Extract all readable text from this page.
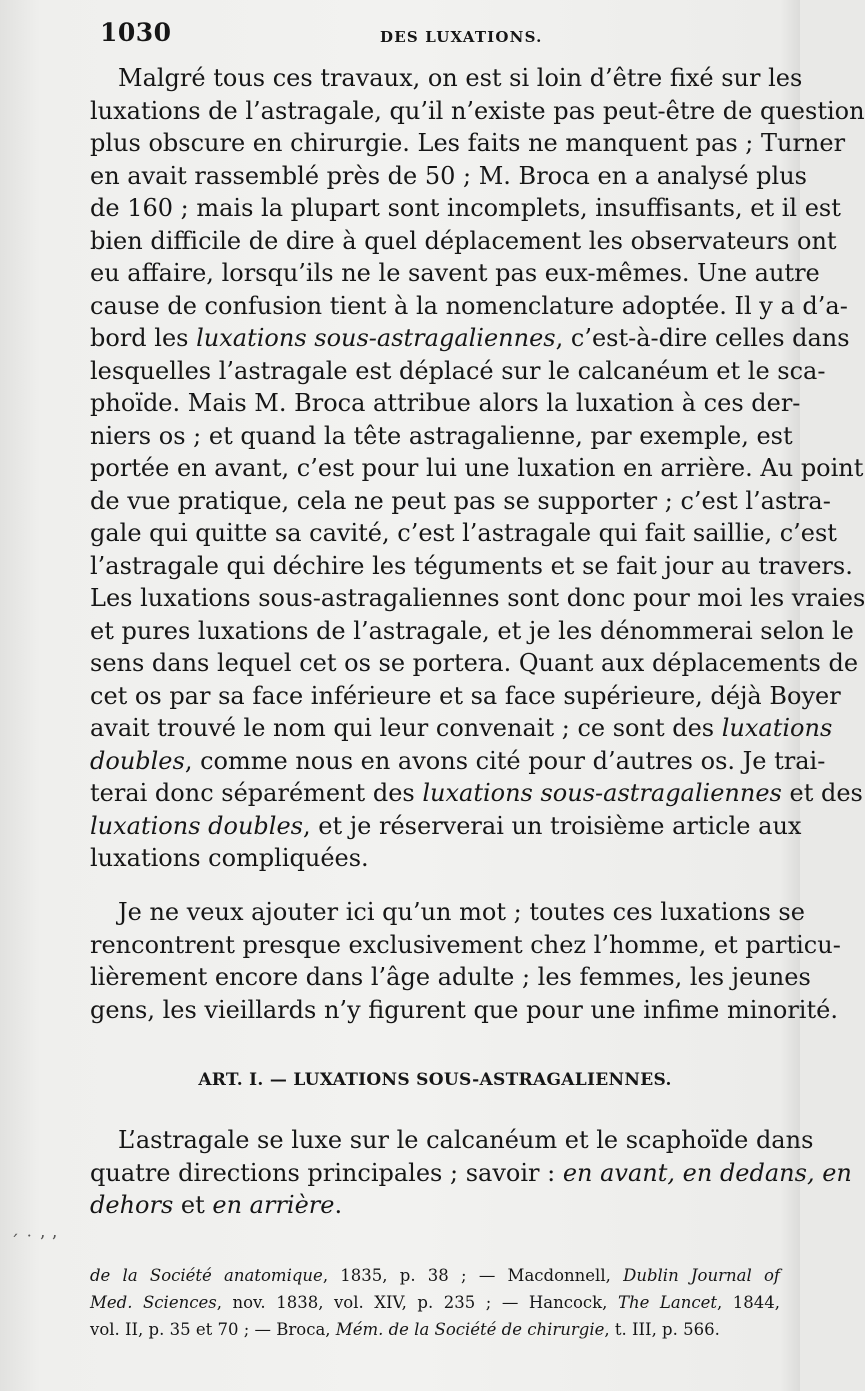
1030	DES LUXATIONS.
Malgré tous ces travaux, on est si loin d’être fixé sur les
luxations de l’astragale, qu’il n’existe pas peut-être de question
plus obscure en chirurgie. Les faits ne manquent pas ; Turner
en avait rassemblé près de 50 ; M. Broca en a analysé plus
de 160 ; mais la plupart sont incomplets, insuffisants, et il est
bien difficile de dire à quel déplacement les observateurs ont
eu affaire, lorsqu’ils ne le savent pas eux-mêmes. Une autre
cause de confusion tient à la nomenclature adoptée. Il y a d’a-
bord les luxations sous-astragaliennes, c’est-à-dire celles dans
lesquelles l’astragale est déplacé sur le calcanéum et le sca-
phoïde. Mais M. Broca attribue alors la luxation à ces der-
niers os ; et quand la tête astragalienne, par exemple, est
portée en avant, c’est pour lui une luxation en arrière. Au point
de vue pratique, cela ne peut pas se supporter ; c’est l’astra-
gale qui quitte sa cavité, c’est l’astragale qui fait saillie, c’est
l’astragale qui déchire les téguments et se fait jour au travers.
Les luxations sous-astragaliennes sont donc pour moi les vraies
et pures luxations de l’astragale, et je les dénommerai selon le
sens dans lequel cet os se portera. Quant aux déplacements de
cet os par sa face inférieure et sa face supérieure, déjà Boyer
avait trouvé le nom qui leur convenait ; ce sont des luxations
doubles, comme nous en avons cité pour d’autres os. Je trai-
terai donc séparément des luxations sous-astragaliennes et des
luxations doubles, et je réserverai un troisième article aux
luxations compliquées.
Je ne veux ajouter ici qu’un mot ; toutes ces luxations se
rencontrent presque exclusivement chez l’homme, et particu-
lièrement encore dans l’âge adulte ; les femmes, les jeunes
gens, les vieillards n’y figurent que pour une infime minorité.
ART. I. — LUXATIONS SOUS-ASTRAGALIENNES.
L’astragale se luxe sur le calcanéum et le scaphoïde dans
quatre directions principales ; savoir : en avant, en dedans, en
dehors et en arrière.
de la Société anatomique, 1835, p. 38 ; — Macdonnell, Dublin Journal of
Med. Sciences, nov. 1838, vol. XIV, p. 235 ; — Hancock, The Lancet, 1844,
vol. II, p. 35 et 70 ; — Broca, Mém. de la Société de chirurgie, t. III, p. 566.
´ ˙ ’ ʼ
